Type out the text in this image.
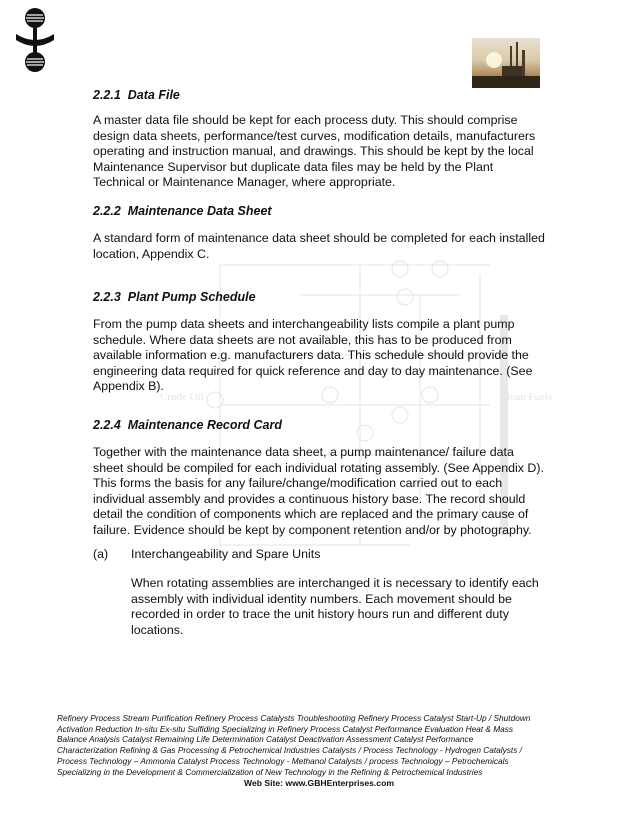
Crude Oil	Clean Fuels
2.2.1 Data File
A master data file should be kept for each process duty. This should comprise design data sheets, performance/test curves, modification details, manufacturers operating and instruction manual, and drawings. This should be kept by the local Maintenance Supervisor but duplicate data files may be held by the Plant Technical or Maintenance Manager, where appropriate.
2.2.2 Maintenance Data Sheet
A standard form of maintenance data sheet should be completed for each installed location, Appendix C.
2.2.3 Plant Pump Schedule
From the pump data sheets and interchangeability lists compile a plant pump schedule. Where data sheets are not available, this has to be produced from available information e.g. manufacturers data. This schedule should provide the engineering data required for quick reference and day to day maintenance. (See Appendix B).
2.2.4 Maintenance Record Card
Together with the maintenance data sheet, a pump maintenance/ failure data sheet should be compiled for each individual rotating assembly. (See Appendix D). This forms the basis for any failure/change/modification carried out to each individual assembly and provides a continuous history base. The record should detail the condition of components which are replaced and the primary cause of failure. Evidence should be kept by component retention and/or by photography.
(a) Interchangeability and Spare Units
When rotating assemblies are interchanged it is necessary to identify each assembly with individual identity numbers. Each movement should be recorded in order to trace the unit history hours run and different duty locations.
Refinery Process Stream Purification Refinery Process Catalysts Troubleshooting Refinery Process Catalyst Start-Up / Shutdown
Activation Reduction In-situ Ex-situ Sulfiding Specializing in Refinery Process Catalyst Performance Evaluation Heat & Mass
Balance Analysis Catalyst Remaining Life Determination Catalyst Deactivation Assessment Catalyst Performance
Characterization Refining & Gas Processing & Petrochemical Industries Catalysts / Process Technology - Hydrogen Catalysts /
Process Technology – Ammonia Catalyst Process Technology - Methanol Catalysts / process Technology – Petrochemicals
Specializing in the Development & Commercialization of New Technology in the Refining & Petrochemical Industries
Web Site: www.GBHEnterprises.com
